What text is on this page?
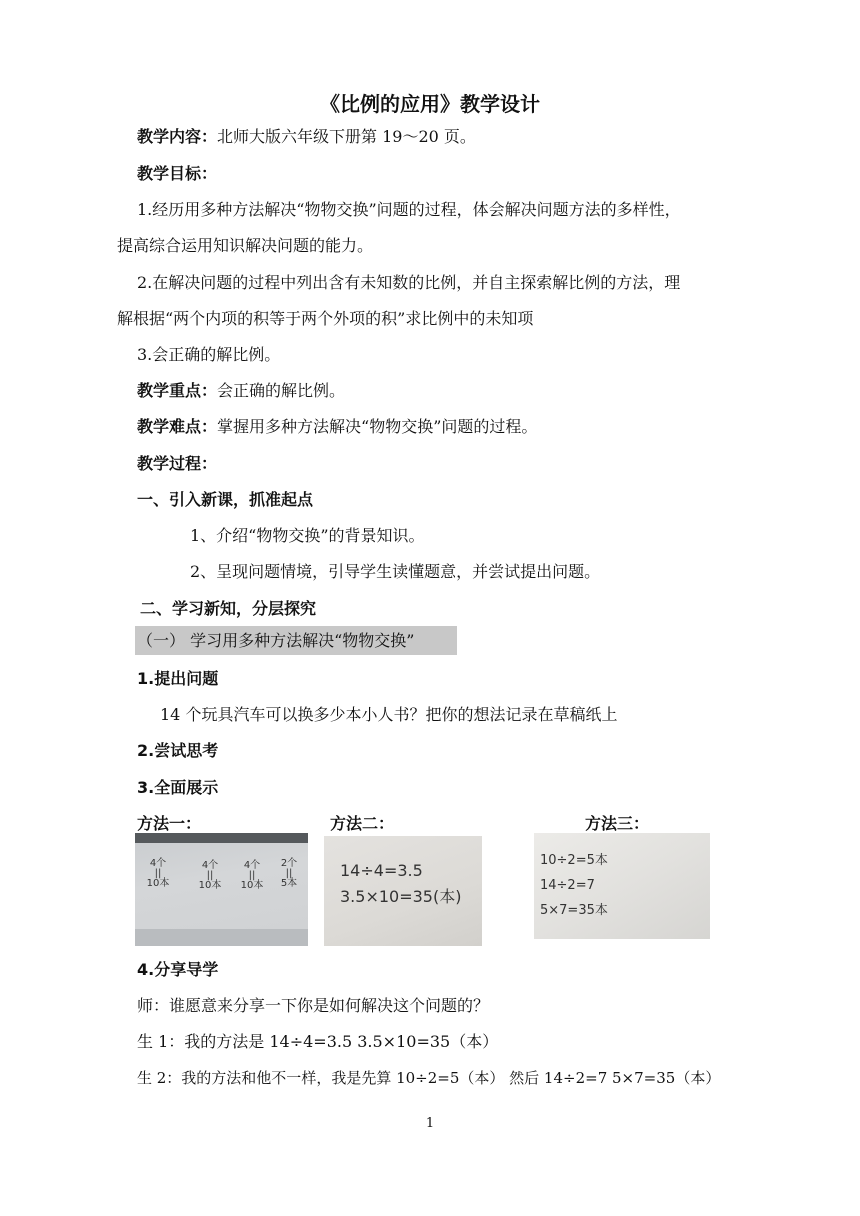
《比例的应用》教学设计
教学内容：北师大版六年级下册第 19～20 页。
教学目标：
1.经历用多种方法解决“物物交换”问题的过程，体会解决问题方法的多样性，
提高综合运用知识解决问题的能力。
2.在解决问题的过程中列出含有未知数的比例，并自主探索解比例的方法，理
解根据“两个内项的积等于两个外项的积”求比例中的未知项
3.会正确的解比例。
教学重点：会正确的解比例。
教学难点：掌握用多种方法解决“物物交换”问题的过程。
教学过程：
一、引入新课，抓准起点
1、介绍“物物交换”的背景知识。
2、呈现问题情境，引导学生读懂题意，并尝试提出问题。
二、学习新知，分层探究
（一） 学习用多种方法解决“物物交换”
1.提出问题
14 个玩具汽车可以换多少本小人书？把你的想法记录在草稿纸上
2.尝试思考
3.全面展示
方法一：	方法二：	方法三：
4个
||
10本
4个
||
10本
4个
||
10本
2个
||
5本
14÷4=3.5
3.5×10=35(本)
10÷2=5本
14÷2=7
5×7=35本
4.分享导学
师：谁愿意来分享一下你是如何解决这个问题的？
生 1：我的方法是 14÷4=3.5 3.5×10=35（本）
生 2：我的方法和他不一样，我是先算 10÷2=5（本） 然后 14÷2=7 5×7=35（本）
1
